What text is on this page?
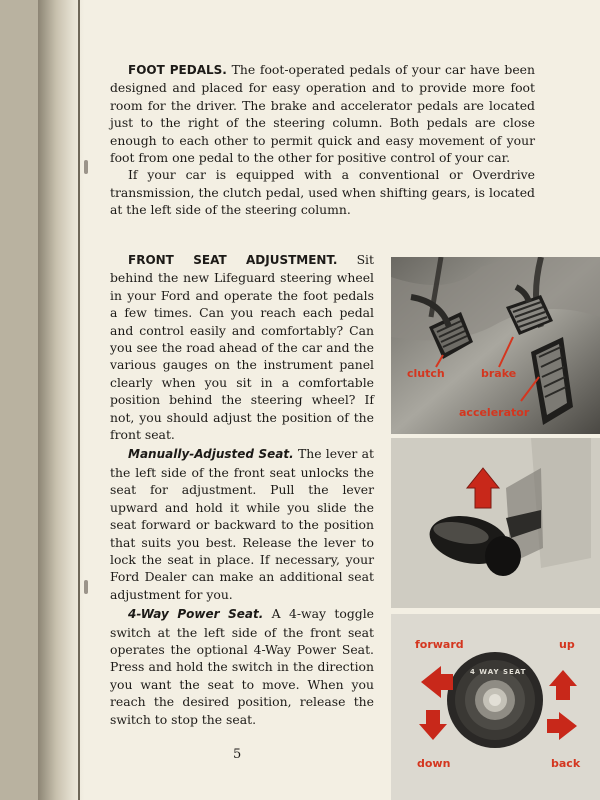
FOOT PEDALS. The foot-operated pedals of your car have been designed and placed for easy operation and to provide more foot room for the driver. The brake and accelerator pedals are located just to the right of the steering column. Both pedals are close enough to each other to permit quick and easy movement of your foot from one pedal to the other for positive control of your car.

If your car is equipped with a conventional or Overdrive transmission, the clutch pedal, used when shifting gears, is located at the left side of the steering column.

FRONT SEAT ADJUSTMENT. Sit behind the new Lifeguard steering wheel in your Ford and operate the foot pedals a few times. Can you reach each pedal and control easily and comfortably? Can you see the road ahead of the car and the various gauges on the instrument panel clearly when you sit in a comfortable position behind the steering wheel? If not, you should adjust the position of the front seat.

Manually-Adjusted Seat. The lever at the left side of the front seat unlocks the seat for adjustment. Pull the lever upward and hold it while you slide the seat forward or backward to the position that suits you best. Release the lever to lock the seat in place. If necessary, your Ford Dealer can make an additional seat adjustment for you.

4-Way Power Seat. A 4-way toggle switch at the left side of the front seat operates the optional 4-Way Power Seat. Press and hold the switch in the direction you want the seat to move. When you reach the desired position, release the switch to stop the seat.

5
clutch	brake
accelerator
4 WAY SEAT
forward	up
down	back
